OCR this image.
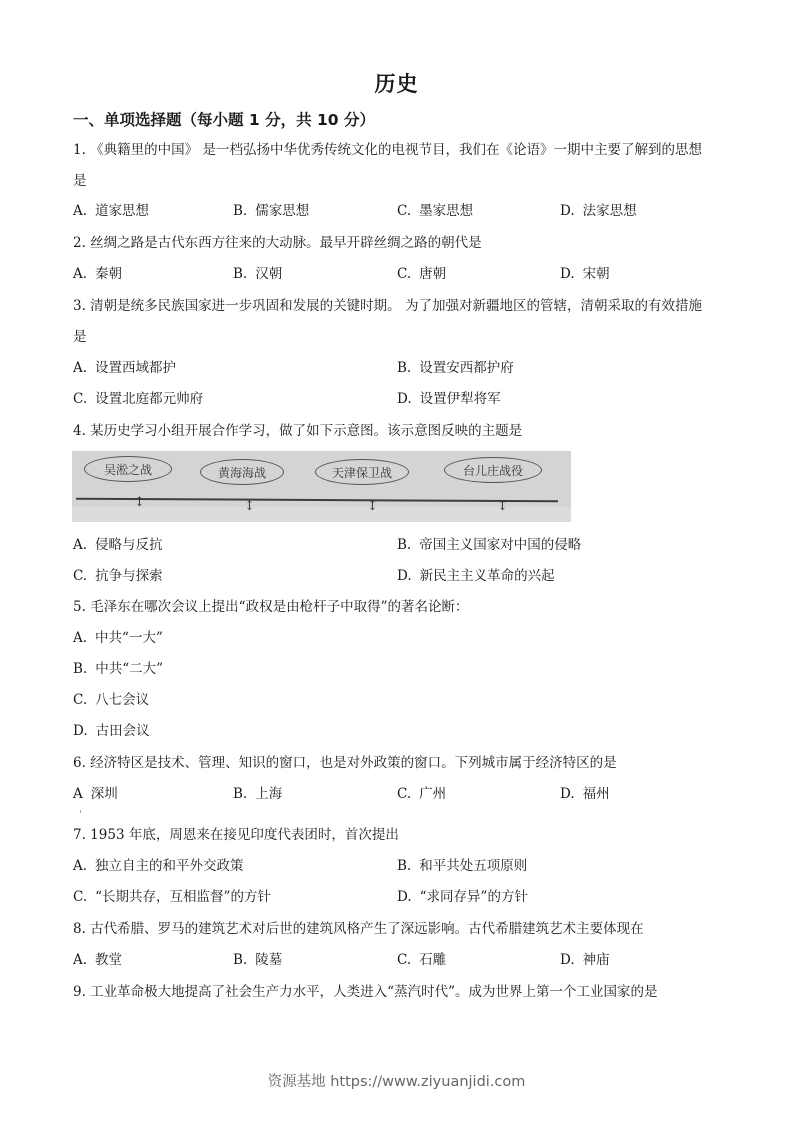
历史
一、单项选择题（每小题 1 分，共 10 分）
1. 《典籍里的中国》 是一档弘扬中华优秀传统文化的电视节目，我们在《论语》一期中主要了解到的思想
是
A. 道家思想	B. 儒家思想	C. 墨家思想	D. 法家思想
2. 丝绸之路是古代东西方往来的大动脉。最早开辟丝绸之路的朝代是
A. 秦朝	B. 汉朝	C. 唐朝	D. 宋朝
3. 清朝是统多民族国家进一步巩固和发展的关键时期。 为了加强对新疆地区的管辖，清朝采取的有效措施
是
A. 设置西域都护	B. 设置安西都护府
C. 设置北庭都元帅府	D. 设置伊犁将军
4. 某历史学习小组开展合作学习，做了如下示意图。该示意图反映的主题是
吴淞之战	黄海海战	天津保卫战	台儿庄战役
↕	↕	↕	↕
A. 侵略与反抗	B. 帝国主义国家对中国的侵略
C. 抗争与探索	D. 新民主主义革命的兴起
5. 毛泽东在哪次会议上提出“政权是由枪杆子中取得”的著名论断：
A. 中共“一大”
B. 中共“二大”
C. 八七会议
D. 古田会议
6. 经济特区是技术、管理、知识的窗口，也是对外政策的窗口。下列城市属于经济特区的是
A 深圳	B. 上海	C. 广州	D. 福州
7. 1953 年底，周恩来在接见印度代表团时，首次提出
A. 独立自主的和平外交政策	B. 和平共处五项原则
C. “长期共存，互相监督”的方针	D. “求同存异”的方针
8. 古代希腊、罗马的建筑艺术对后世的建筑风格产生了深远影响。古代希腊建筑艺术主要体现在
A. 教堂	B. 陵墓	C. 石雕	D. 神庙
9. 工业革命极大地提高了社会生产力水平，人类进入“蒸汽时代”。成为世界上第一个工业国家的是
资源基地 https://www.ziyuanjidi.com
